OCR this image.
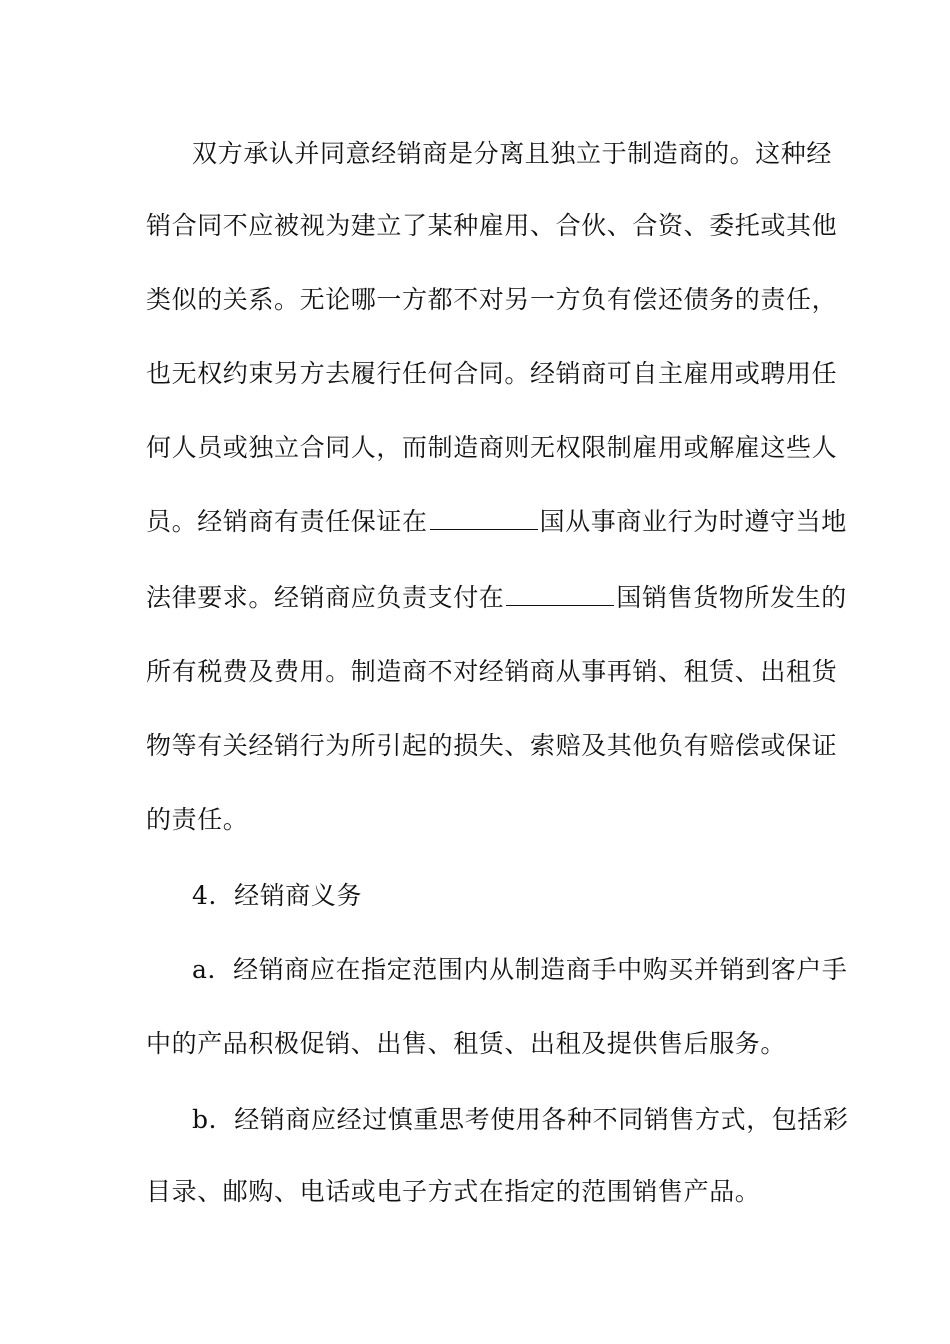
双方承认并同意经销商是分离且独立于制造商的。这种经
销合同不应被视为建立了某种雇用、合伙、合资、委托或其他
类似的关系。无论哪一方都不对另一方负有偿还债务的责任，
也无权约束另方去履行任何合同。经销商可自主雇用或聘用任
何人员或独立合同人，而制造商则无权限制雇用或解雇这些人
员。经销商有责任保证在	国从事商业行为时遵守当地
法律要求。经销商应负责支付在	国销售货物所发生的
所有税费及费用。制造商不对经销商从事再销、租赁、出租货
物等有关经销行为所引起的损失、索赔及其他负有赔偿或保证
的责任。
4．经销商义务
a．经销商应在指定范围内从制造商手中购买并销到客户手
中的产品积极促销、出售、租赁、出租及提供售后服务。
b．经销商应经过慎重思考使用各种不同销售方式，包括彩
目录、邮购、电话或电子方式在指定的范围销售产品。
